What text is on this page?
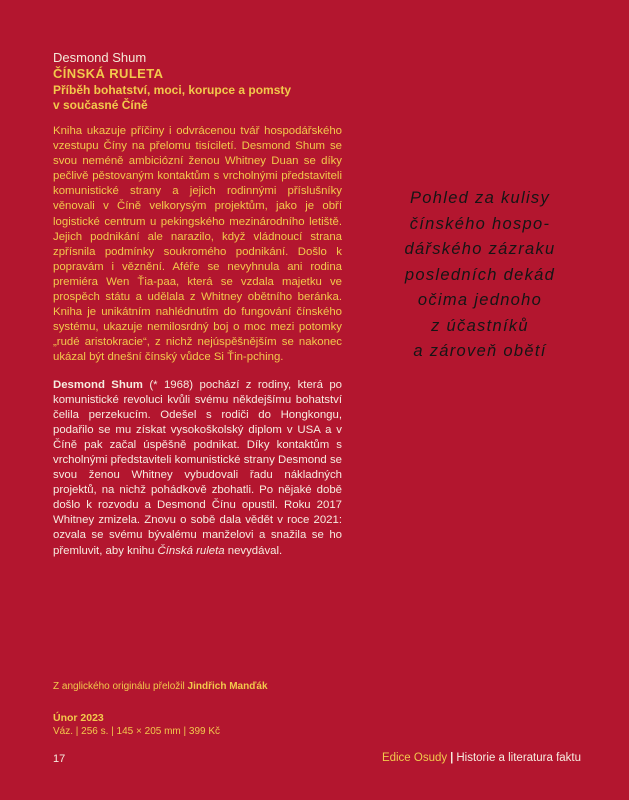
Desmond Shum
ČÍNSKÁ RULETA
Příběh bohatství, moci, korupce a pomsty
v současné Číně
Kniha ukazuje příčiny i odvrácenou tvář hospodářského vzestupu Číny na přelomu tisíciletí. Desmond Shum se svou neméně ambiciózní ženou Whitney Duan se díky pečlivě pěstovaným kontaktům s vrcholnými představiteli komunistické strany a jejich rodinnými příslušníky věnovali v Číně velkorysým projektům, jako je obří logistické centrum u pekingského mezinárodního letiště. Jejich podnikání ale narazilo, když vládnoucí strana zpřísnila podmínky soukromého podnikání. Došlo k popravám i věznění. Aféře se nevyhnula ani rodina premiéra Wen Ťia-paa, která se vzdala majetku ve prospěch státu a udělala z Whitney obětního beránka. Kniha je unikátním nahlédnutím do fungování čínského systému, ukazuje nemilosrdný boj o moc mezi potomky „rudé aristokracie“, z nichž nejúspěšnějším se nakonec ukázal být dnešní čínský vůdce Si Ťin-pching.
Desmond Shum (* 1968) pochází z rodiny, která po komunistické revoluci kvůli svému někdejšímu bohatství čelila perzekucím. Odešel s rodiči do Hongkongu, podařilo se mu získat vysokoškolský diplom v USA a v Číně pak začal úspěšně podnikat. Díky kontaktům s vrcholnými představiteli komunistické strany Desmond se svou ženou Whitney vybudovali řadu nákladných projektů, na nichž pohádkově zbohatli. Po nějaké době došlo k rozvodu a Desmond Čínu opustil. Roku 2017 Whitney zmizela. Znovu o sobě dala vědět v roce 2021: ozvala se svému bývalému manželovi a snažila se ho přemluvit, aby knihu Čínská ruleta nevydával.
Pohled za kulisy
čínského hospo-
dářského zázraku
posledních dekád
očima jednoho
z účastníků
a zároveň obětí
Z anglického originálu přeložil Jindřich Manďák
Únor 2023
Váz. | 256 s. | 145 × 205 mm | 399 Kč
17	Edice Osudy | Historie a literatura faktu
